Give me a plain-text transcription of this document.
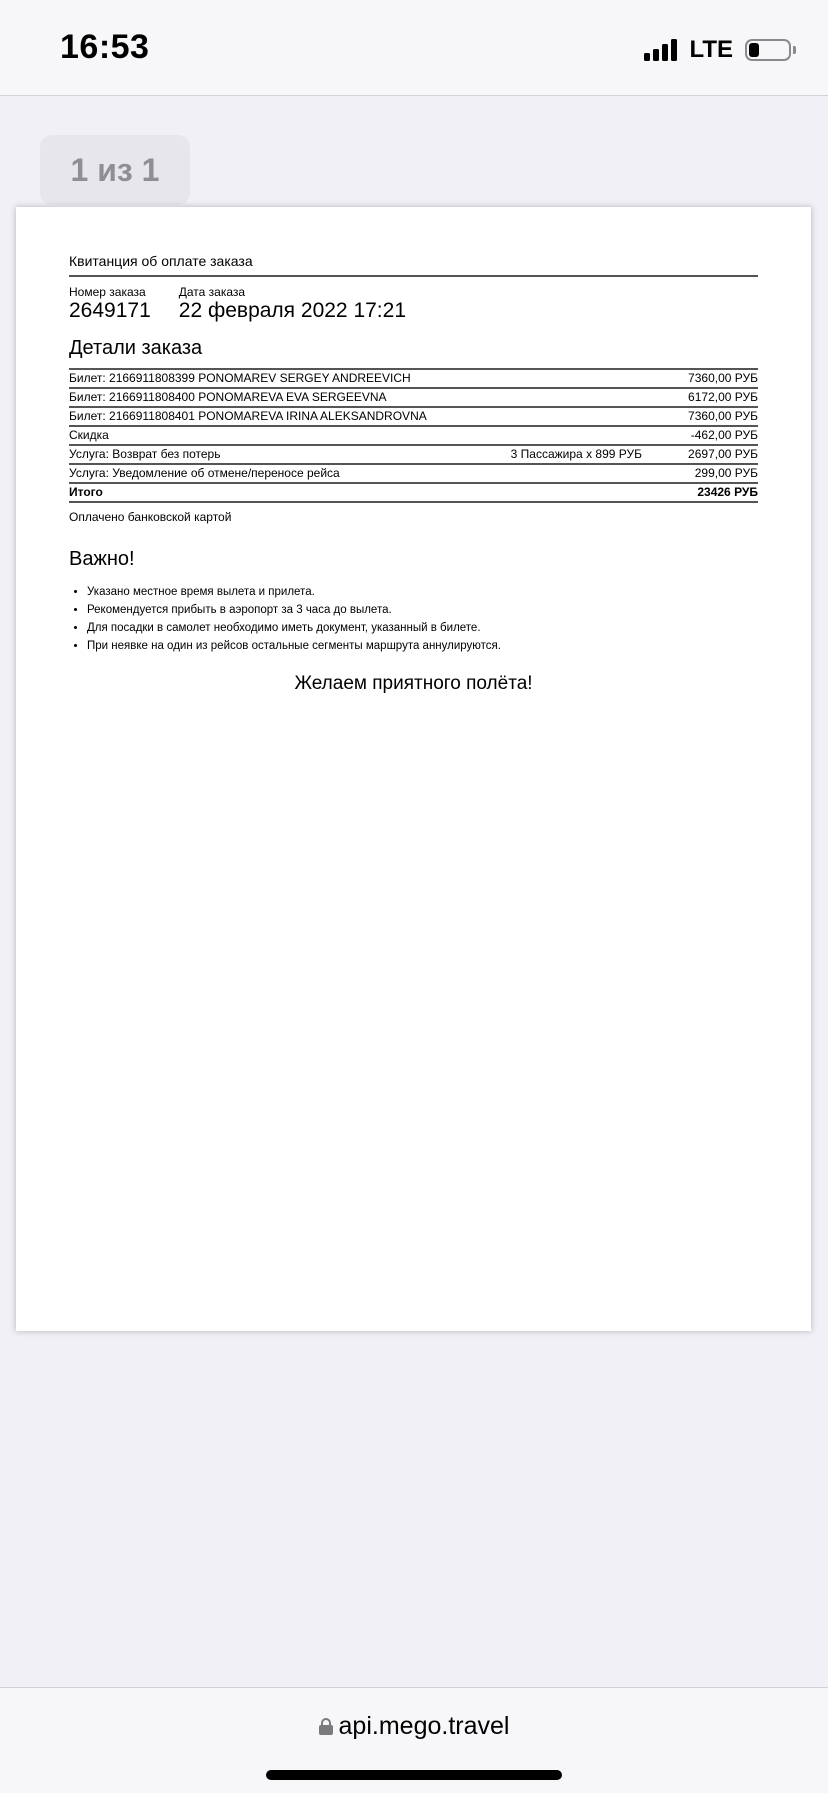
16:53	LTE
1 из 1
Квитанция об оплате заказа
Номер заказа
2649171
Дата заказа
22 февраля 2022 17:21
Детали заказа
Билет: 2166911808399 PONOMAREV SERGEY ANDREEVICH	7360,00 РУБ
Билет: 2166911808400 PONOMAREVA EVA SERGEEVNA	6172,00 РУБ
Билет: 2166911808401 PONOMAREVA IRINA ALEKSANDROVNA	7360,00 РУБ
Скидка	-462,00 РУБ
Услуга: Возврат без потерь	3 Пассажира x 899 РУБ	2697,00 РУБ
Услуга: Уведомление об отмене/переносе рейса	299,00 РУБ
Итого	23426 РУБ
Оплачено банковской картой
Важно!
• Указано местное время вылета и прилета.
• Рекомендуется прибыть в аэропорт за 3 часа до вылета.
• Для посадки в самолет необходимо иметь документ, указанный в билете.
• При неявке на один из рейсов остальные сегменты маршрута аннулируются.
Желаем приятного полёта!
api.mego.travel
